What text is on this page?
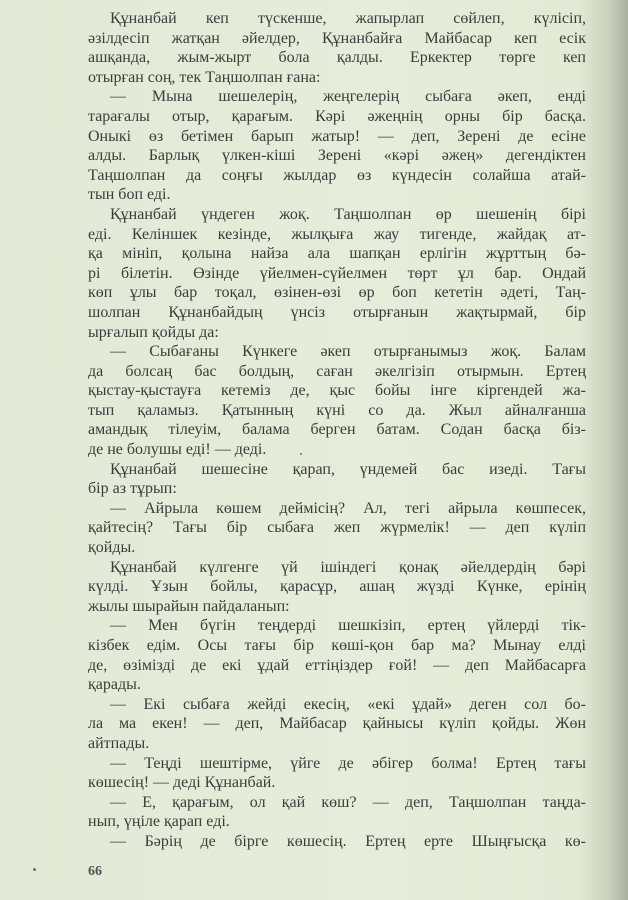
Құнанбай кеп түскенше, жапырлап сөйлеп, күлісіп,
әзілдесіп жатқан әйелдер, Құнанбайға Майбасар кеп есік
ашқанда, жым-жырт бола қалды. Еркектер төрге кеп
отырған соң, тек Таңшолпан ғана:
— Мына шешелерің, жеңгелерің сыбаға әкеп, енді
тарағалы отыр, қарағым. Кәрі әжеңнің орны бір басқа.
Оныкі өз бетімен барып жатыр! — деп, Зерені де есіне
алды. Барлық үлкен-кіші Зерені «кәрі әжең» дегендіктен
Таңшолпан да соңғы жылдар өз күндесін солайша атай-
тын боп еді.
Құнанбай үндеген жоқ. Таңшолпан өр шешенің бірі
еді. Келіншек кезінде, жылқыға жау тигенде, жайдақ ат-
қа мініп, қолына найза ала шапқан ерлігін жұрттың бә-
рі білетін. Өзінде үйелмен-сүйелмен төрт ұл бар. Ондай
көп ұлы бар тоқал, өзінен-өзі өр боп кететін әдеті, Таң-
шолпан Құнанбайдың үнсіз отырғанын жақтырмай, бір
ырғалып қойды да:
— Сыбағаны Күнкеге әкеп отырғанымыз жоқ. Балам
да болсаң бас болдың, саған әкелгізіп отырмын. Ертең
қыстау-қыстауға кетеміз де, қыс бойы інге кіргендей жа-
тып қаламыз. Қатынның күні со да. Жыл айналғанша
амандық тілеуім, балама берген батам. Содан басқа біз-
де не болушы еді! — деді.
Құнанбай шешесіне қарап, үндемей бас изеді. Тағы
бір аз тұрып:
— Айрыла көшем деймісің? Ал, тегі айрыла көшпесек,
қайтесің? Тағы бір сыбаға жеп жүрмелік! — деп күліп
қойды.
Құнанбай күлгенге үй ішіндегі қонақ әйелдердің бәрі
күлді. Ұзын бойлы, қарасұр, ашаң жүзді Күнке, ерінің
жылы шырайын пайдаланып:
— Мен бүгін теңдерді шешкізіп, ертең үйлерді тік-
кізбек едім. Осы тағы бір көші-қон бар ма? Мынау елді
де, өзімізді де екі ұдай еттіңіздер ғой! — деп Майбасарға
қарады.
— Екі сыбаға жейді екесің, «екі ұдай» деген сол бо-
ла ма екен! — деп, Майбасар қайнысы күліп қойды. Жөн
айтпады.
— Теңді шештірме, үйге де әбігер болма! Ертең тағы
көшесің! — деді Құнанбай.
— Е, қарағым, ол қай көш? — деп, Таңшолпан таңда-
нып, үңіле қарап еді.
— Бәрің де бірге көшесің. Ертең ерте Шыңғысқа кө-
66
